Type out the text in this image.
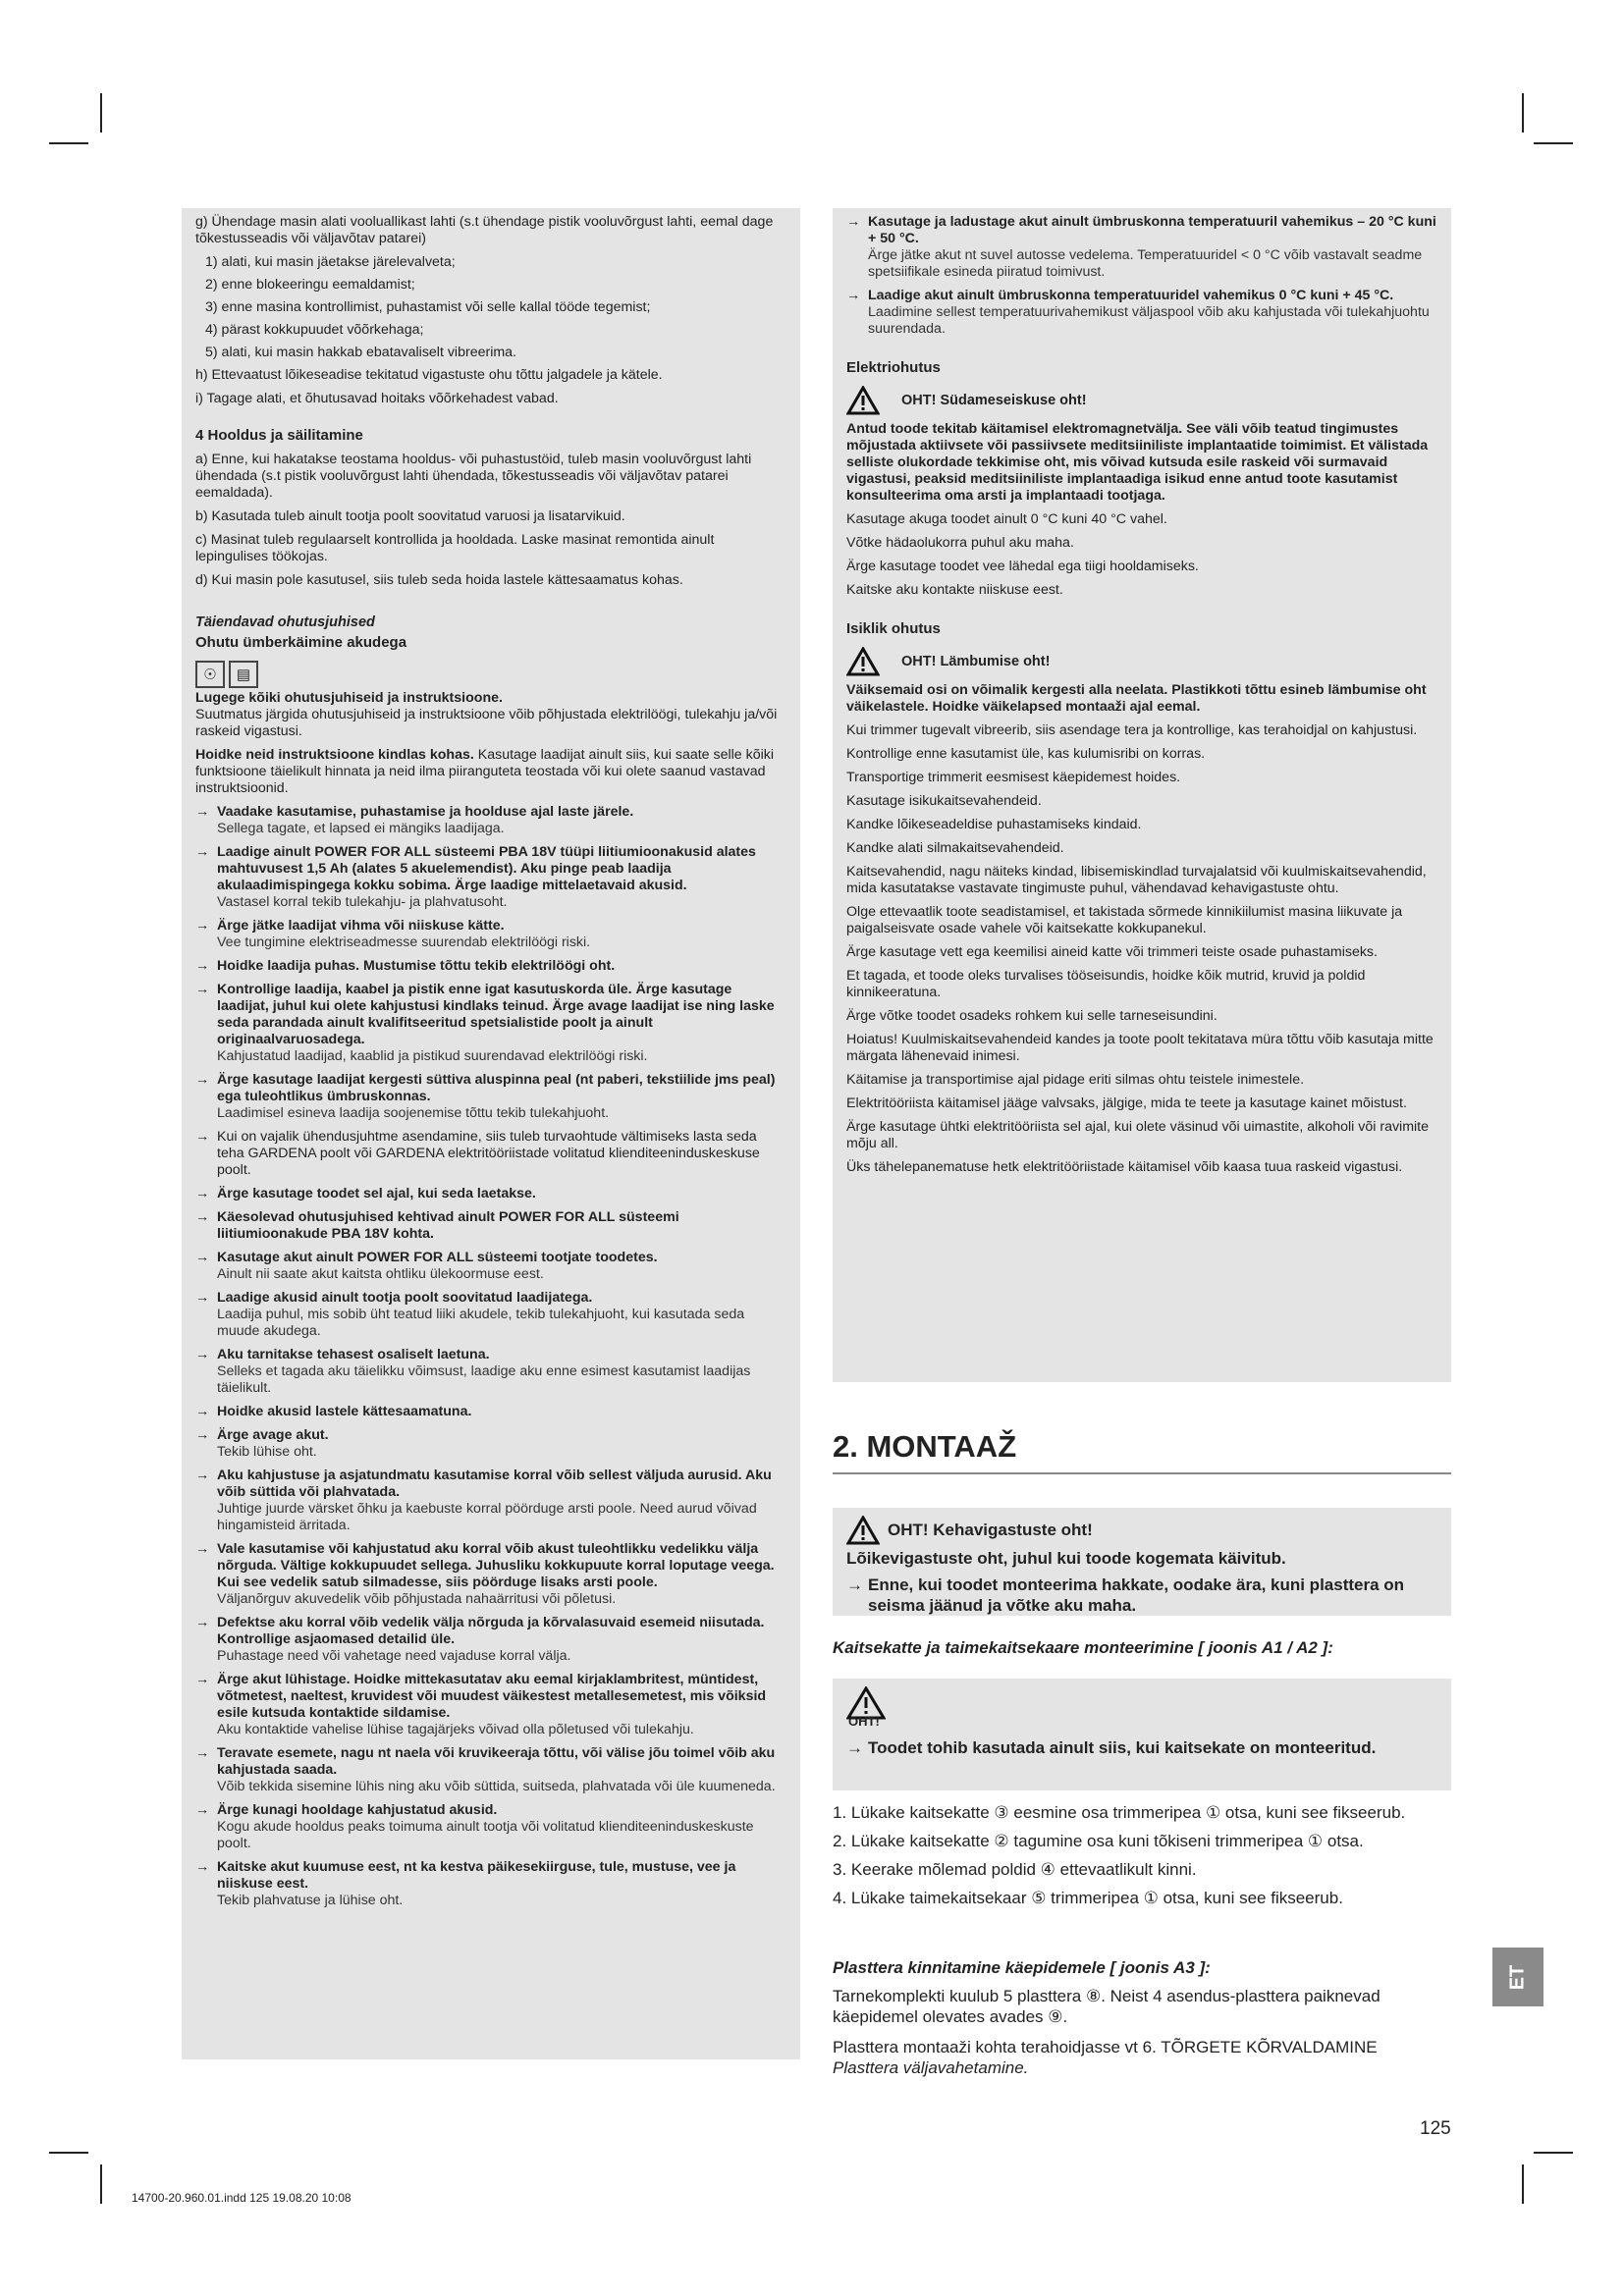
g) Ühendage masin alati vooluallikast lahti (s.t ühendage pistik vooluvõrgust lahti, eemal dage tõkestusseadis või väljavõtav patarei)

1) alati, kui masin jäetakse järelevalveta;

2) enne blokeeringu eemaldamist;

3) enne masina kontrollimist, puhastamist või selle kallal tööde tegemist;

4) pärast kokkupuudet võõrkehaga;

5) alati, kui masin hakkab ebatavaliselt vibreerima.

h) Ettevaatust lõikeseadise tekitatud vigastuste ohu tõttu jalgadele ja kätele.

i) Tagage alati, et õhutusavad hoitaks võõrkehadest vabad.

4 Hooldus ja säilitamine

a) Enne, kui hakatakse teostama hooldus- või puhastustöid, tuleb masin vooluvõrgust lahti ühendada (s.t pistik vooluvõrgust lahti ühendada, tõkestusseadis või väljavõtav patarei eemaldada).

b) Kasutada tuleb ainult tootja poolt soovitatud varuosi ja lisatarvikuid.

c) Masinat tuleb regulaarselt kontrollida ja hooldada. Laske masinat remontida ainult lepingulises töökojas.

d) Kui masin pole kasutusel, siis tuleb seda hoida lastele kättesaamatus kohas.

Täiendavad ohutusjuhised
Ohutu ümberkäimine akudega
☉	▤

Lugege kõiki ohutusjuhiseid ja instruktsioone.

Suutmatus järgida ohutusjuhiseid ja instruktsioone võib põhjustada elektrilöögi, tulekahju ja/või raskeid vigastusi.

Hoidke neid instruktsioone kindlas kohas. Kasutage laadijat ainult siis, kui saate selle kõiki funktsioone täielikult hinnata ja neid ilma piiranguteta teostada või kui olete saanud vastavad instruktsioonid.

→ Vaadake kasutamise, puhastamise ja hoolduse ajal laste järele.
Sellega tagate, et lapsed ei mängiks laadijaga.
→ Laadige ainult POWER FOR ALL süsteemi PBA 18V tüüpi liitiumioonakusid alates mahtuvusest 1,5 Ah (alates 5 akuelemendist). Aku pinge peab laadija akulaadimispingega kokku sobima. Ärge laadige mittelaetavaid akusid.
Vastasel korral tekib tulekahju- ja plahvatusoht.
→ Ärge jätke laadijat vihma või niiskuse kätte.
Vee tungimine elektriseadmesse suurendab elektrilöögi riski.
→ Hoidke laadija puhas. Mustumise tõttu tekib elektrilöögi oht.
→ Kontrollige laadija, kaabel ja pistik enne igat kasutuskorda üle. Ärge kasutage laadijat, juhul kui olete kahjustusi kindlaks teinud. Ärge avage laadijat ise ning laske seda parandada ainult kvalifitseeritud spetsialistide poolt ja ainult originaalvaruosadega.
Kahjustatud laadijad, kaablid ja pistikud suurendavad elektrilöögi riski.
→ Ärge kasutage laadijat kergesti süttiva aluspinna peal (nt paberi, tekstiilide jms peal) ega tuleohtlikus ümbruskonnas.
Laadimisel esineva laadija soojenemise tõttu tekib tulekahjuoht.
→ Kui on vajalik ühendusjuhtme asendamine, siis tuleb turvaohtude vältimiseks lasta seda teha GARDENA poolt või GARDENA elektritööriistade volitatud klienditeeninduskeskuse poolt.
→ Ärge kasutage toodet sel ajal, kui seda laetakse.
→ Käesolevad ohutusjuhised kehtivad ainult POWER FOR ALL süsteemi liitiumioonakude PBA 18V kohta.
→ Kasutage akut ainult POWER FOR ALL süsteemi tootjate toodetes.
Ainult nii saate akut kaitsta ohtliku ülekoormuse eest.
→ Laadige akusid ainult tootja poolt soovitatud laadijatega.
Laadija puhul, mis sobib üht teatud liiki akudele, tekib tulekahjuoht, kui kasutada seda muude akudega.
→ Aku tarnitakse tehasest osaliselt laetuna.
Selleks et tagada aku täielikku võimsust, laadige aku enne esimest kasutamist laadijas täielikult.
→ Hoidke akusid lastele kättesaamatuna.
→ Ärge avage akut.
Tekib lühise oht.
→ Aku kahjustuse ja asjatundmatu kasutamise korral võib sellest väljuda aurusid. Aku võib süttida või plahvatada.
Juhtige juurde värsket õhku ja kaebuste korral pöörduge arsti poole. Need aurud võivad hingamisteid ärritada.
→ Vale kasutamise või kahjustatud aku korral võib akust tuleohtlikku vedelikku välja nõrguda. Vältige kokkupuudet sellega. Juhusliku kokkupuute korral loputage veega. Kui see vedelik satub silmadesse, siis pöörduge lisaks arsti poole.
Väljanõrguv akuvedelik võib põhjustada nahaärritusi või põletusi.
→ Defektse aku korral võib vedelik välja nõrguda ja kõrvalasuvaid esemeid niisutada. Kontrollige asjaomased detailid üle.
Puhastage need või vahetage need vajaduse korral välja.
→ Ärge akut lühistage. Hoidke mittekasutatav aku eemal kirjaklambritest, müntidest, võtmetest, naeltest, kruvidest või muudest väikestest metallesemetest, mis võiksid esile kutsuda kontaktide sildamise.
Aku kontaktide vahelise lühise tagajärjeks võivad olla põletused või tulekahju.
→ Teravate esemete, nagu nt naela või kruvikeeraja tõttu, või välise jõu toimel võib aku kahjustada saada.
Võib tekkida sisemine lühis ning aku võib süttida, suitseda, plahvatada või üle kuumeneda.
→ Ärge kunagi hooldage kahjustatud akusid.
Kogu akude hooldus peaks toimuma ainult tootja või volitatud klienditeeninduskeskuste poolt.
→ Kaitske akut kuumuse eest, nt ka kestva päikesekiirguse, tule, mustuse, vee ja niiskuse eest.
Tekib plahvatuse ja lühise oht.
→ Kasutage ja ladustage akut ainult ümbruskonna temperatuuril vahemikus – 20 °C kuni + 50 °C.
Ärge jätke akut nt suvel autosse vedelema. Temperatuuridel < 0 °C võib vastavalt seadme spetsiifikale esineda piiratud toimivust.
→ Laadige akut ainult ümbruskonna temperatuuridel vahemikus 0 °C kuni + 45 °C.
Laadimine sellest temperatuurivahemikust väljaspool võib aku kahjustada või tulekahjuohtu suurendada.
Elektriohutus
OHT! Südameseiskuse oht!

Antud toode tekitab käitamisel elektromagnetvälja. See väli võib teatud tingimustes mõjustada aktiivsete või passiivsete meditsiiniliste implantaatide toimimist. Et välistada selliste olukordade tekkimise oht, mis võivad kutsuda esile raskeid või surmavaid vigastusi, peaksid meditsiiniliste implantaadiga isikud enne antud toote kasutamist konsulteerima oma arsti ja implantaadi tootjaga.

Kasutage akuga toodet ainult 0 °C kuni 40 °C vahel.

Võtke hädaolukorra puhul aku maha.

Ärge kasutage toodet vee lähedal ega tiigi hooldamiseks.

Kaitske aku kontakte niiskuse eest.

Isiklik ohutus
OHT! Lämbumise oht!

Väiksemaid osi on võimalik kergesti alla neelata. Plastikkoti tõttu esineb lämbumise oht väikelastele. Hoidke väikelapsed montaaži ajal eemal.

Kui trimmer tugevalt vibreerib, siis asendage tera ja kontrollige, kas terahoidjal on kahjustusi.

Kontrollige enne kasutamist üle, kas kulumisribi on korras.

Transportige trimmerit eesmisest käepidemest hoides.

Kasutage isikukaitsevahendeid.

Kandke lõikeseadeldise puhastamiseks kindaid.

Kandke alati silmakaitsevahendeid.

Kaitsevahendid, nagu näiteks kindad, libisemiskindlad turvajalatsid või kuulmiskaitsevahendid, mida kasutatakse vastavate tingimuste puhul, vähendavad kehavigastuste ohtu.

Olge ettevaatlik toote seadistamisel, et takistada sõrmede kinnikiilumist masina liikuvate ja paigalseisvate osade vahele või kaitsekatte kokkupanekul.

Ärge kasutage vett ega keemilisi aineid katte või trimmeri teiste osade puhastamiseks.

Et tagada, et toode oleks turvalises tööseisundis, hoidke kõik mutrid, kruvid ja poldid kinnikeeratuna.

Ärge võtke toodet osadeks rohkem kui selle tarneseisundini.

Hoiatus! Kuulmiskaitsevahendeid kandes ja toote poolt tekitatava müra tõttu võib kasutaja mitte märgata lähenevaid inimesi.

Käitamise ja transportimise ajal pidage eriti silmas ohtu teistele inimestele.

Elektritööriista käitamisel jääge valvsaks, jälgige, mida te teete ja kasutage kainet mõistust.

Ärge kasutage ühtki elektritööriista sel ajal, kui olete väsinud või uimastite, alkoholi või ravimite mõju all.

Üks tähelepanematuse hetk elektritööriistade käitamisel võib kaasa tuua raskeid vigastusi.

2. MONTAAŽ
OHT! Kehavigastuste oht!
Lõikevigastuste oht, juhul kui toode kogemata käivitub.
→ Enne, kui toodet monteerima hakkate, oodake ära, kuni plasttera on seisma jäänud ja võtke aku maha.
Kaitsekatte ja taimekaitsekaare monteerimine [ joonis A1 / A2 ]:
OHT!
→ Toodet tohib kasutada ainult siis, kui kaitsekate on monteeritud.

1. Lükake kaitsekatte ③ eesmine osa trimmeripea ① otsa, kuni see fikseerub.

2. Lükake kaitsekatte ② tagumine osa kuni tõkiseni trimmeripea ① otsa.

3. Keerake mõlemad poldid ④ ettevaatlikult kinni.

4. Lükake taimekaitsekaar ⑤ trimmeripea ① otsa, kuni see fikseerub.

Plasttera kinnitamine käepidemele [ joonis A3 ]:

Tarnekomplekti kuulub 5 plasttera ⑧. Neist 4 asendus-plasttera paiknevad käepidemel olevates avades ⑨.

Plasttera montaaži kohta terahoidjasse vt 6. TÕRGETE KÕRVALDAMINE
Plasttera väljavahetamine.

ET
125
14700-20.960.01.indd 125 19.08.20 10:08
